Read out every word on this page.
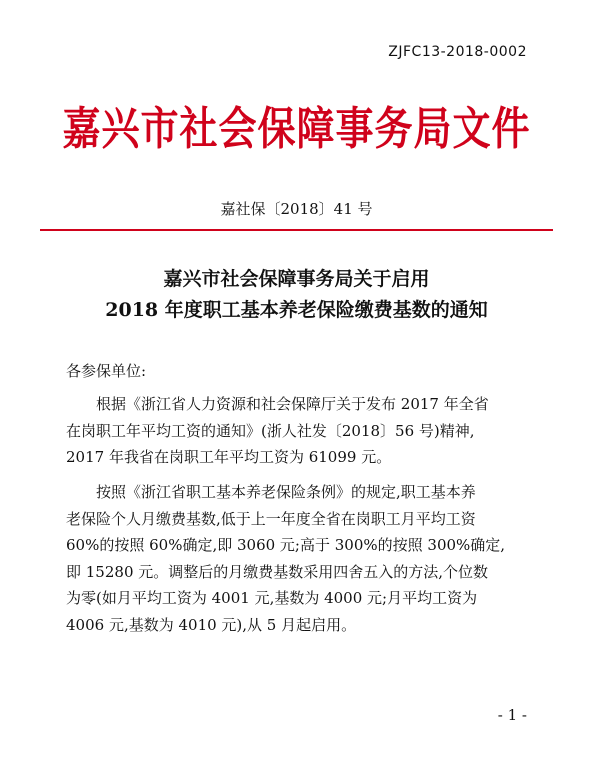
ZJFC13-2018-0002
嘉兴市社会保障事务局文件
嘉社保〔2018〕41 号
嘉兴市社会保障事务局关于启用
2018 年度职工基本养老保险缴费基数的通知
各参保单位:
根据《浙江省人力资源和社会保障厅关于发布 2017 年全省
在岗职工年平均工资的通知》(浙人社发〔2018〕56 号)精神,
2017 年我省在岗职工年平均工资为 61099 元。
按照《浙江省职工基本养老保险条例》的规定,职工基本养
老保险个人月缴费基数,低于上一年度全省在岗职工月平均工资
60%的按照 60%确定,即 3060 元;高于 300%的按照 300%确定,
即 15280 元。调整后的月缴费基数采用四舍五入的方法,个位数
为零(如月平均工资为 4001 元,基数为 4000 元;月平均工资为
4006 元,基数为 4010 元),从 5 月起启用。
- 1 -
